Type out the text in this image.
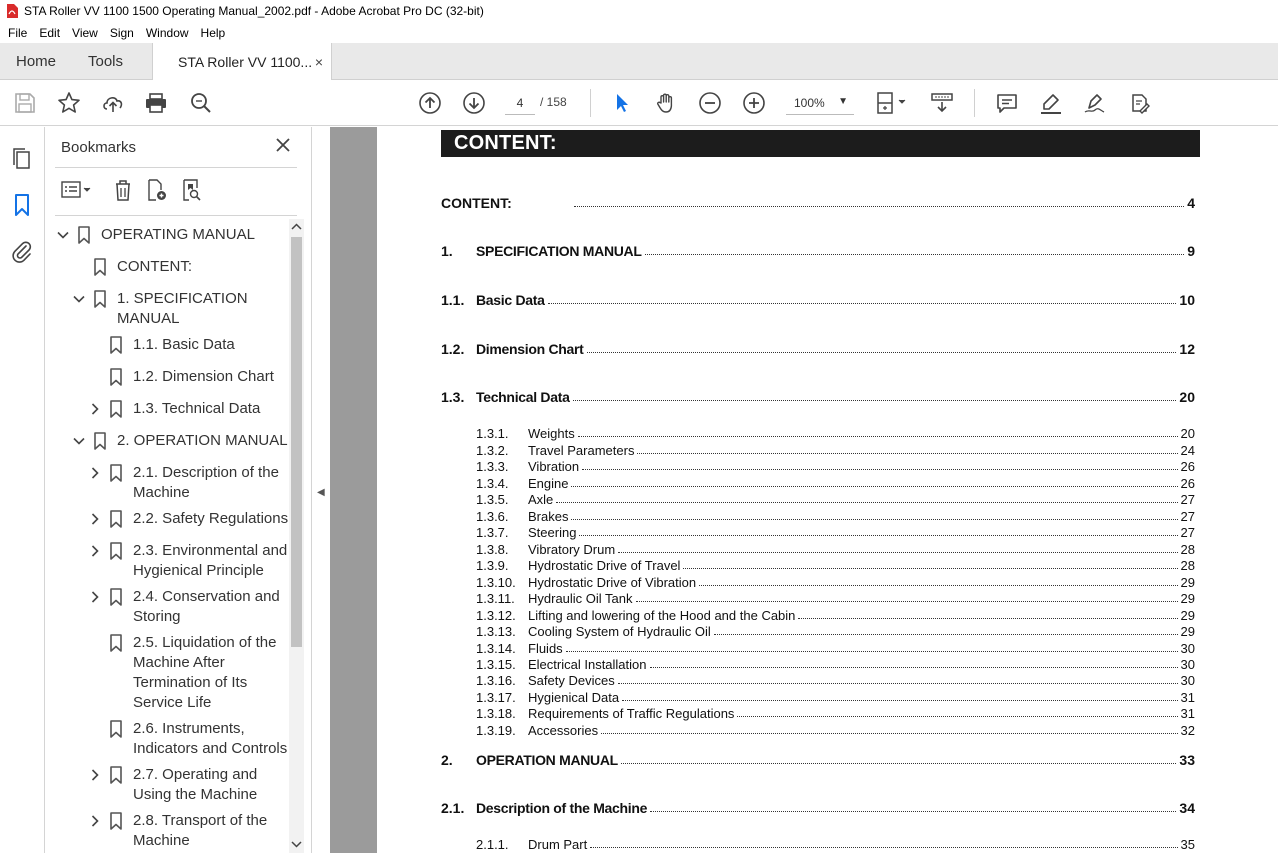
STA Roller VV 1100 1500 Operating Manual_2002.pdf - Adobe Acrobat Pro DC (32-bit)
File	Edit	View	Sign	Window	Help
Home Tools	STA Roller VV 1100... ×
4
/ 158	100% ▼
Bookmarks
OPERATING MANUAL
CONTENT:
1. SPECIFICATION
MANUAL
1.1. Basic Data
1.2. Dimension Chart
1.3. Technical Data
2. OPERATION MANUAL
2.1. Description of the
Machine
2.2. Safety Regulations
2.3. Environmental and
Hygienical Principle
2.4. Conservation and
Storing
2.5. Liquidation of the
Machine After
Termination of Its
Service Life
2.6. Instruments,
Indicators and Controls
2.7. Operating and
Using the Machine
2.8. Transport of the
Machine
◀
CONTENT:
CONTENT:	4
1.	SPECIFICATION MANUAL	9
1.1. Basic Data	10
1.2. Dimension Chart	12
1.3. Technical Data	20
1.3.1.	Weights	20
1.3.2.	Travel Parameters	24
1.3.3.	Vibration	26
1.3.4.	Engine	26
1.3.5.	Axle	27
1.3.6.	Brakes	27
1.3.7.	Steering	27
1.3.8.	Vibratory Drum	28
1.3.9.	Hydrostatic Drive of Travel	28
1.3.10. Hydrostatic Drive of Vibration	29
1.3.11.	Hydraulic Oil Tank	29
1.3.12. Lifting and lowering of the Hood and the Cabin	29
1.3.13. Cooling System of Hydraulic Oil	29
1.3.14. Fluids	30
1.3.15. Electrical Installation	30
1.3.16. Safety Devices	30
1.3.17. Hygienical Data	31
1.3.18. Requirements of Traffic Regulations	31
1.3.19. Accessories	32
2.	OPERATION MANUAL	33
2.1. Description of the Machine	34
2.1.1.	Drum Part	35
